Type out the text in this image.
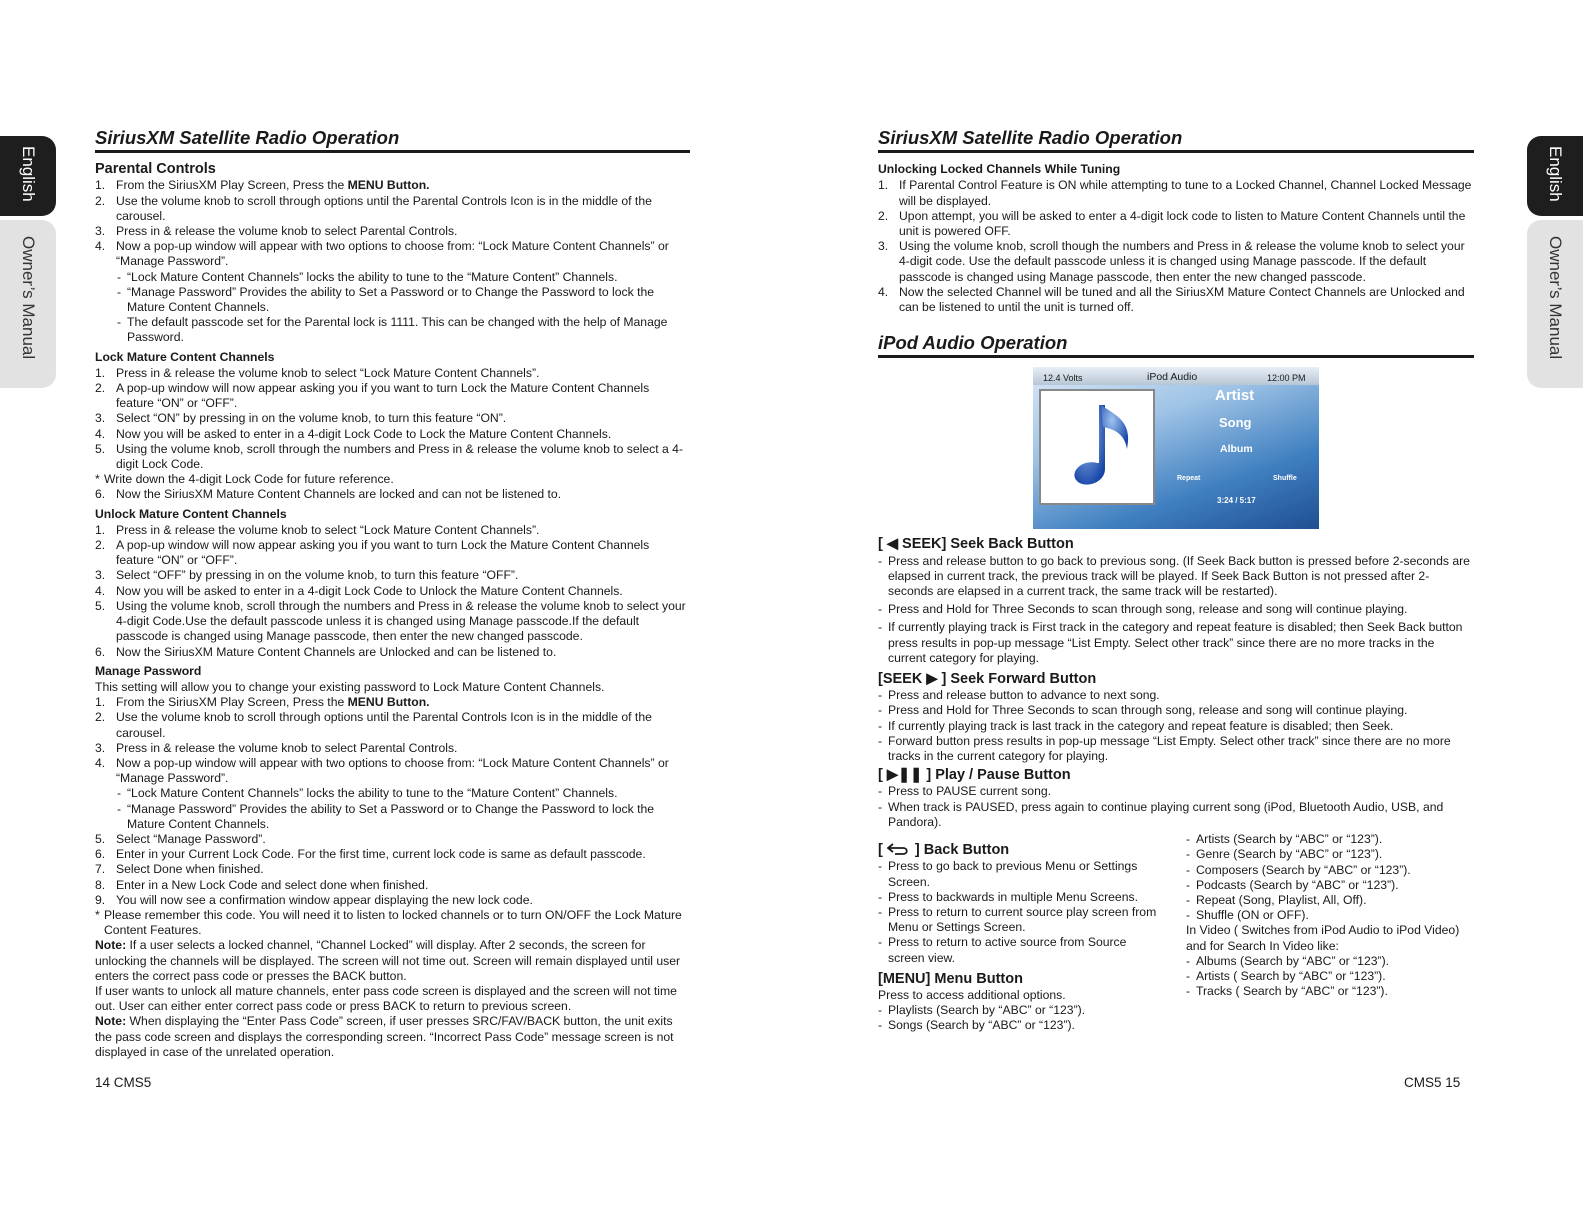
English
Owner’s Manual
English
Owner’s Manual
SiriusXM Satellite Radio Operation
Parental Controls
1. From the SiriusXM Play Screen, Press the MENU Button.
2. Use the volume knob to scroll through options until the Parental Controls Icon is in the middle of the carousel.
3. Press in & release the volume knob to select Parental Controls.
4. Now a pop-up window will appear with two options to choose from: “Lock Mature Content Channels” or “Manage Password”.
- “Lock Mature Content Channels” locks the ability to tune to the “Mature Content” Channels.
- “Manage Password” Provides the ability to Set a Password or to Change the Password to lock the Mature Content Channels.
- The default passcode set for the Parental lock is 1111. This can be changed with the help of Manage Password.
Lock Mature Content Channels
1. Press in & release the volume knob to select “Lock Mature Content Channels”.
2. A pop-up window will now appear asking you if you want to turn Lock the Mature Content Channels feature “ON” or “OFF”.
3. Select “ON” by pressing in on the volume knob, to turn this feature “ON”.
4. Now you will be asked to enter in a 4-digit Lock Code to Lock the Mature Content Channels.
5. Using the volume knob, scroll through the numbers and Press in & release the volume knob to select a 4-digit Lock Code.
* Write down the 4-digit Lock Code for future reference.
6. Now the SiriusXM Mature Content Channels are locked and can not be listened to.
Unlock Mature Content Channels
1. Press in & release the volume knob to select “Lock Mature Content Channels”.
2. A pop-up window will now appear asking you if you want to turn Lock the Mature Content Channels feature “ON” or “OFF”.
3. Select “OFF” by pressing in on the volume knob, to turn this feature “OFF”.
4. Now you will be asked to enter in a 4-digit Lock Code to Unlock the Mature Content Channels.
5. Using the volume knob, scroll through the numbers and Press in & release the volume knob to select your 4-digit Code.Use the default passcode unless it is changed using Manage passcode.If the default passcode is changed using Manage passcode, then enter the new changed passcode.
6. Now the SiriusXM Mature Content Channels are Unlocked and can be listened to.
Manage Password

This setting will allow you to change your existing password to Lock Mature Content Channels.

1. From the SiriusXM Play Screen, Press the MENU Button.
2. Use the volume knob to scroll through options until the Parental Controls Icon is in the middle of the carousel.
3. Press in & release the volume knob to select Parental Controls.
4. Now a pop-up window will appear with two options to choose from: “Lock Mature Content Channels” or “Manage Password”.
- “Lock Mature Content Channels” locks the ability to tune to the “Mature Content” Channels.
- “Manage Password” Provides the ability to Set a Password or to Change the Password to lock the Mature Content Channels.
5. Select “Manage Password”.
6. Enter in your Current Lock Code. For the first time, current lock code is same as default passcode.
7. Select Done when finished.
8. Enter in a New Lock Code and select done when finished.
9. You will now see a confirmation window appear displaying the new lock code.
* Please remember this code. You will need it to listen to locked channels or to turn ON/OFF the Lock Mature Content Features.

Note: If a user selects a locked channel, “Channel Locked” will display. After 2 seconds, the screen for unlocking the channels will be displayed. The screen will not time out. Screen will remain displayed until user enters the correct pass code or presses the BACK button.

If user wants to unlock all mature channels, enter pass code screen is displayed and the screen will not time out. User can either enter correct pass code or press BACK to return to previous screen.

Note: When displaying the “Enter Pass Code” screen, if user presses SRC/FAV/BACK button, the unit exits the pass code screen and displays the corresponding screen. “Incorrect Pass Code” message screen is not displayed in case of the unrelated operation.

14 CMS5
SiriusXM Satellite Radio Operation
Unlocking Locked Channels While Tuning
1. If Parental Control Feature is ON while attempting to tune to a Locked Channel, Channel Locked Message will be displayed.
2. Upon attempt, you will be asked to enter a 4-digit lock code to listen to Mature Content Channels until the unit is powered OFF.
3. Using the volume knob, scroll though the numbers and Press in & release the volume knob to select your 4-digit code. Use the default passcode unless it is changed using Manage passcode. If the default passcode is changed using Manage passcode, then enter the new changed passcode.
4. Now the selected Channel will be tuned and all the SiriusXM Mature Contect Channels are Unlocked and can be listened to until the unit is turned off.
iPod Audio Operation
12.4 Volts	iPod Audio	12:00 PM
Artist
Song
Album
Repeat	Shuffle
3:24 / 5:17
[ ◀ SEEK] Seek Back Button
- Press and release button to go back to previous song. (If Seek Back button is pressed before 2-seconds are elapsed in current track, the previous track will be played. If Seek Back Button is not pressed after 2-seconds are elapsed in a current track, the same track will be restarted).
- Press and Hold for Three Seconds to scan through song, release and song will continue playing.
- If currently playing track is First track in the category and repeat feature is disabled; then Seek Back button press results in pop-up message “List Empty. Select other track” since there are no more tracks in the current category for playing.
[SEEK ▶ ] Seek Forward Button
- Press and release button to advance to next song.
- Press and Hold for Three Seconds to scan through song, release and song will continue playing.
- If currently playing track is last track in the category and repeat feature is disabled; then Seek.
- Forward button press results in pop-up message “List Empty. Select other track” since there are no more tracks in the current category for playing.
[ ▶❚❚ ] Play / Pause Button
- Press to PAUSE current song.
- When track is PAUSED, press again to continue playing current song (iPod, Bluetooth Audio, USB, and Pandora).
[ ] Back Button
- Press to go back to previous Menu or Settings Screen.
- Press to backwards in multiple Menu Screens.
- Press to return to current source play screen from Menu or Settings Screen.
- Press to return to active source from Source screen view.
[MENU] Menu Button

Press to access additional options.

- Playlists (Search by “ABC” or “123”).
- Songs (Search by “ABC” or “123”).
- Artists (Search by “ABC” or “123”).
- Genre (Search by “ABC” or “123”).
- Composers (Search by “ABC” or “123”).
- Podcasts (Search by “ABC” or “123”).
- Repeat (Song, Playlist, All, Off).
- Shuffle (ON or OFF).

In Video ( Switches from iPod Audio to iPod Video) and for Search In Video like:

- Albums (Search by “ABC” or “123”).
- Artists ( Search by “ABC” or “123”).
- Tracks ( Search by “ABC” or “123”).
CMS5 15
